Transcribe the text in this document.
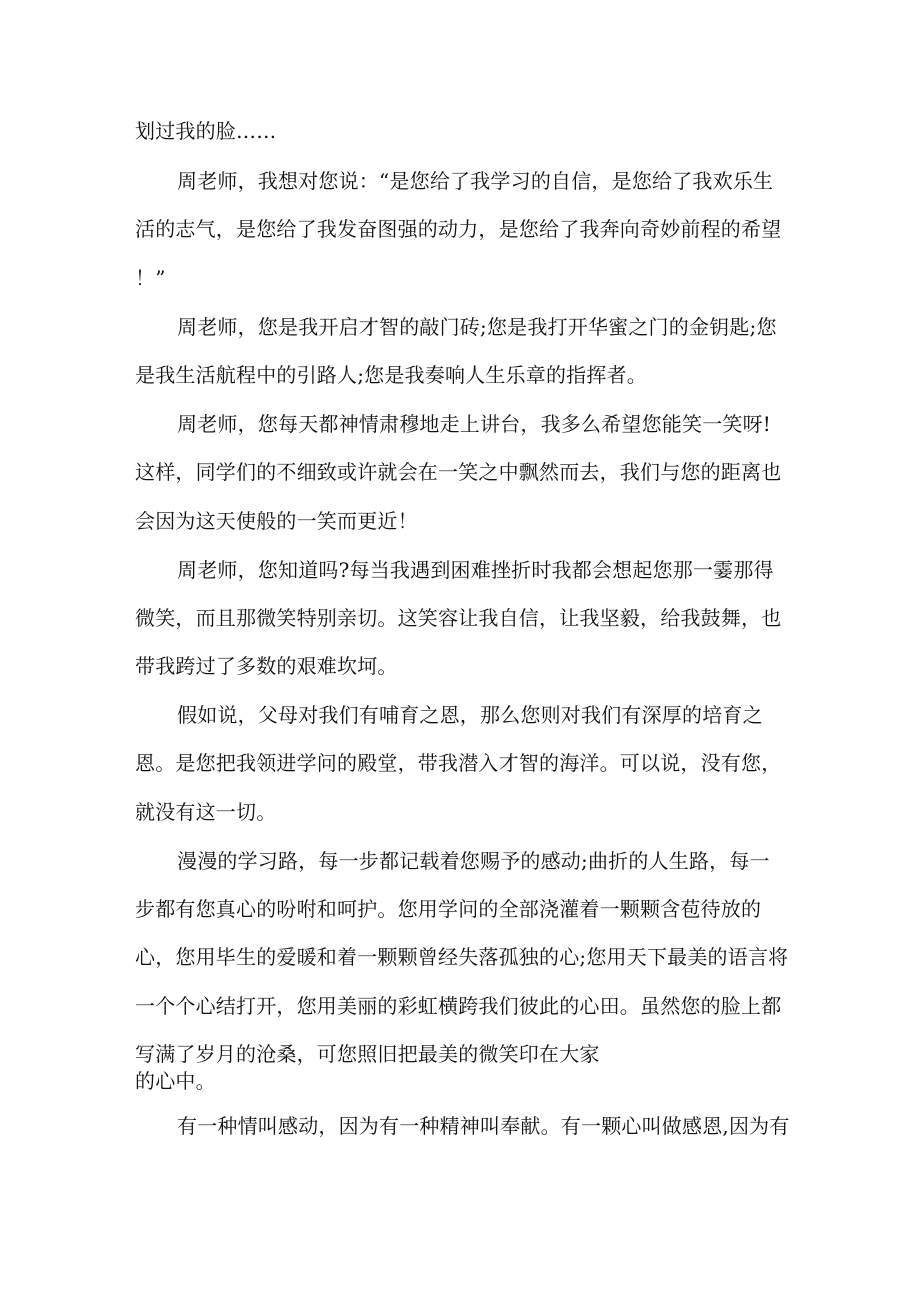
划过我的脸……
周老师，我想对您说：“是您给了我学习的自信，是您给了我欢乐生
活的志气，是您给了我发奋图强的动力，是您给了我奔向奇妙前程的希望
！”
周老师，您是我开启才智的敲门砖;您是我打开华蜜之门的金钥匙;您
是我生活航程中的引路人;您是我奏响人生乐章的指挥者。
周老师，您每天都神情肃穆地走上讲台，我多么希望您能笑一笑呀!
这样，同学们的不细致或许就会在一笑之中飘然而去，我们与您的距离也
会因为这天使般的一笑而更近！
周老师，您知道吗?每当我遇到困难挫折时我都会想起您那一霎那得
微笑，而且那微笑特别亲切。这笑容让我自信，让我坚毅，给我鼓舞，也
带我跨过了多数的艰难坎坷。
假如说，父母对我们有哺育之恩，那么您则对我们有深厚的培育之
恩。是您把我领进学问的殿堂，带我潜入才智的海洋。可以说，没有您，
就没有这一切。
漫漫的学习路，每一步都记载着您赐予的感动;曲折的人生路，每一
步都有您真心的吩咐和呵护。您用学问的全部浇灌着一颗颗含苞待放的
心，您用毕生的爱暖和着一颗颗曾经失落孤独的心;您用天下最美的语言将
一个个心结打开，您用美丽的彩虹横跨我们彼此的心田。虽然您的脸上都
写满了岁月的沧桑，可您照旧把最美的微笑印在大家
的心中。
有一种情叫感动，因为有一种精神叫奉献。有一颗心叫做感恩,因为有
